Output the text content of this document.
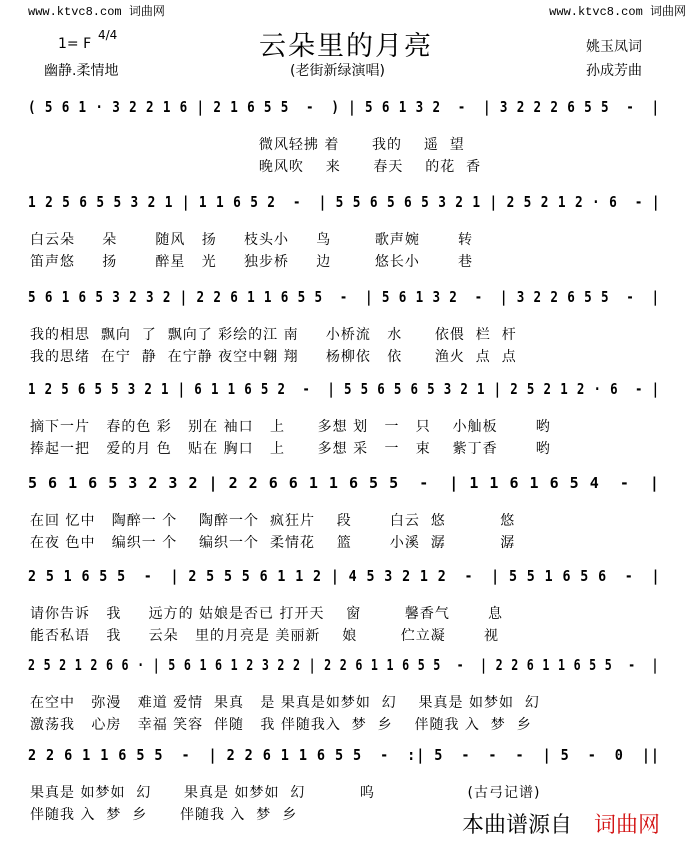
www.ktvc8.com 词曲网	www.ktvc8.com 词曲网
云朵里的月亮
1= F
4/4
幽静.柔情地	(老街新绿演唱)
姚玉凤词
孙成芳曲
( 5 6 1 · 3 2 2 1 6 | 2 1 6 5 5  -  ) | 5 6 1 3 2  -  | 3 2 2 2 6 5 5  -  |
微风轻拂 着      我的    遥  望
晚风吹    来      春天    的花  香
1 2 5 6 5 5 3 2 1 | 1 1 6 5 2  -  | 5 5 6 5 6 5 3 2 1 | 2 5 2 1 2 · 6  - |
白云朵     朵       随风   扬     枝头小     鸟        歌声婉       转
笛声悠     扬       醉星   光     独步桥     边        悠长小       巷
5 6 1 6 5 3 2 3 2 | 2 2 6 1 1 6 5 5  -  | 5 6 1 3 2  -  | 3 2 2 6 5 5  -  |
我的相思  飘向  了  飘向了 彩绘的江 南     小桥流   水      依偎  栏  杆
我的思绪  在宁  静  在宁静 夜空中翱 翔     杨柳依   依      渔火  点  点
1 2 5 6 5 5 3 2 1 | 6 1 1 6 5 2  -  | 5 5 6 5 6 5 3 2 1 | 2 5 2 1 2 · 6  - |
摘下一片   春的色 彩   别在 袖口   上      多想 划   一   只    小舢板       哟
捧起一把   爱的月 色   贴在 胸口   上      多想 采   一   束    紫丁香       哟
5 6 1 6 5 3 2 3 2 | 2 2 6 6 1 1 6 5 5  -  | 1 1 6 1 6 5 4  -  |
在回 忆中   陶醉一 个    陶醉一个  疯狂片    段       白云  悠          悠
在夜 色中   编织一 个    编织一个  柔情花    篮       小溪  潺          潺
2 5 1 6 5 5  -  | 2 5 5 5 6 1 1 2 | 4 5 3 2 1 2  -  | 5 5 1 6 5 6  -  |
请你告诉   我     远方的 姑娘是否已 打开天    窗        馨香气       息
能否私语   我     云朵   里的月亮是 美丽新    娘        伫立凝       视
2 5 2 1 2 6 6 · | 5 6 1 6 1 2 3 2 2 | 2 2 6 1 1 6 5 5  -  | 2 2 6 1 1 6 5 5  -  |
在空中   弥漫   难道 爱情  果真   是 果真是如梦如  幻    果真是 如梦如  幻
激荡我   心房   幸福 笑容  伴随   我 伴随我入  梦  乡    伴随我 入  梦  乡
2 2 6 1 1 6 5 5  -  | 2 2 6 1 1 6 5 5  -  :| 5  -  -  -  | 5  -  0  ||
果真是 如梦如  幻      果真是 如梦如  幻          呜                 (古弓记谱)
伴随我 入  梦  乡      伴随我 入  梦  乡	本曲谱源自 词曲网
